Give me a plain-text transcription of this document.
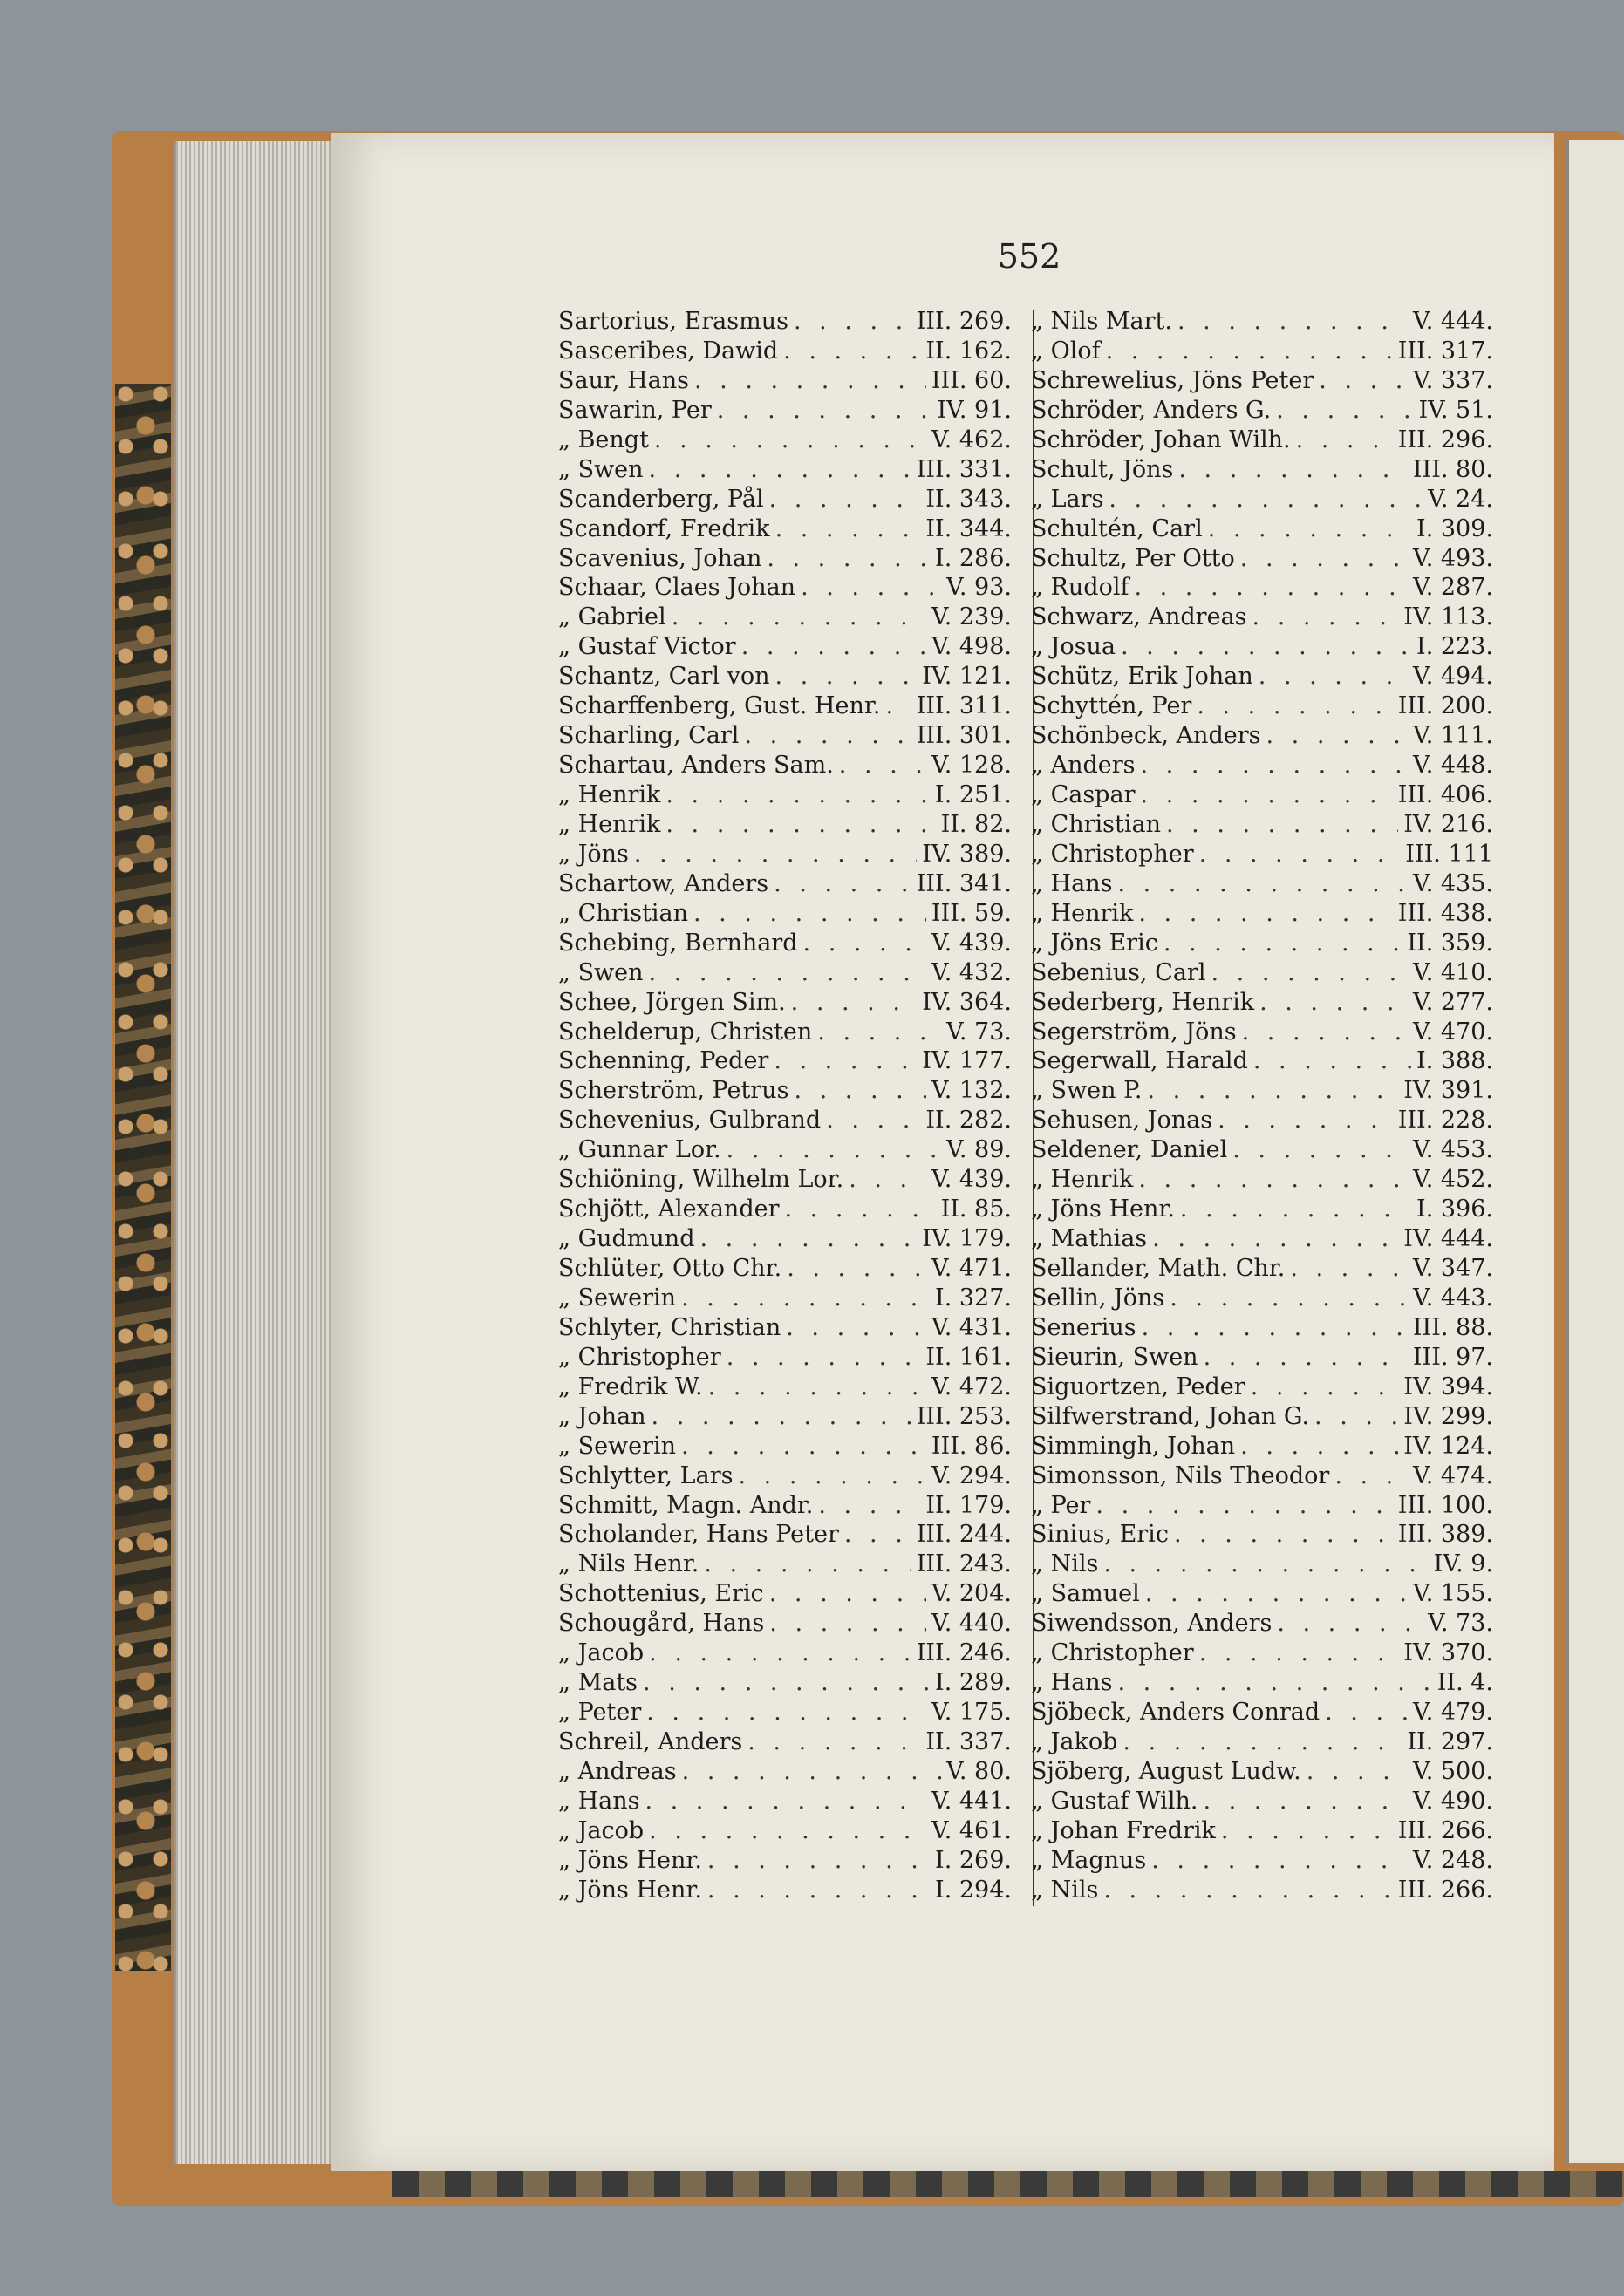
552
Sartorius, Erasmus . . .	III. 269.
Sasceribes, Dawid . . .	II. 162.
Saur, Hans . . .	III. 60.
Sawarin, Per . . .	IV. 91.
„ Bengt . . .	V. 462.
„ Swen . . .	III. 331.
Scanderberg, Pål . . .	II. 343.
Scandorf, Fredrik . . .	II. 344.
Scavenius, Johan . . .	I. 286.
Schaar, Claes Johan . . .	V. 93.
„ Gabriel . . .	V. 239.
„ Gustaf Victor . . .	V. 498.
Schantz, Carl von . . .	IV. 121.
Scharffenberg, Gust. Henr. . . . III. 311.
Scharling, Carl . . .	III. 301.
Schartau, Anders Sam. . . .	V. 128.
„ Henrik . . .	I. 251.
„ Henrik . . .	II. 82.
„ Jöns . . .	IV. 389.
Schartow, Anders . . .	III. 341.
„ Christian . . .	III. 59.
Schebing, Bernhard . . .	V. 439.
„ Swen . . .	V. 432.
Schee, Jörgen Sim. . . .	IV. 364.
Schelderup, Christen . . .	V. 73.
Schenning, Peder . . .	IV. 177.
Scherström, Petrus . . .	V. 132.
Schevenius, Gulbrand . . .	II. 282.
„ Gunnar Lor. . . .	V. 89.
Schiöning, Wilhelm Lor. . . .	V. 439.
Schjött, Alexander . . .	II. 85.
„ Gudmund . . .	IV. 179.
Schlüter, Otto Chr. . . .	V. 471.
„ Sewerin . . .	I. 327.
Schlyter, Christian . . .	V. 431.
„ Christopher . . .	II. 161.
„ Fredrik W. . . .	V. 472.
„ Johan . . .	III. 253.
„ Sewerin . . .	III. 86.
Schlytter, Lars . . .	V. 294.
Schmitt, Magn. Andr. . . .	II. 179.
Scholander, Hans Peter . . .	III. 244.
„ Nils Henr. . . .	III. 243.
Schottenius, Eric . . .	V. 204.
Schougård, Hans . . .	V. 440.
„ Jacob . . .	III. 246.
„ Mats . . .	I. 289.
„ Peter . . .	V. 175.
Schreil, Anders . . .	II. 337.
„ Andreas . . .	V. 80.
„ Hans . . .	V. 441.
„ Jacob . . .	V. 461.
„ Jöns Henr. . . .	I. 269.
„ Jöns Henr. . . .	I. 294.
„ Nils Mart. . . .	V. 444.
„ Olof . . .	III. 317.
Schrewelius, Jöns Peter . . .	V. 337.
Schröder, Anders G. . . .	IV. 51.
Schröder, Johan Wilh. . . .	III. 296.
Schult, Jöns . . .	III. 80.
„ Lars . . .	V. 24.
Schultén, Carl . . .	I. 309.
Schultz, Per Otto . . .	V. 493.
„ Rudolf . . .	V. 287.
Schwarz, Andreas . . .	IV. 113.
„ Josua . . .	I. 223.
Schütz, Erik Johan . . .	V. 494.
Schyttén, Per . . .	III. 200.
Schönbeck, Anders . . .	V. 111.
„ Anders . . .	V. 448.
„ Caspar . . .	III. 406.
„ Christian . . .	IV. 216.
„ Christopher . . .	III. 111
„ Hans . . .	V. 435.
„ Henrik . . .	III. 438.
„ Jöns Eric . . .	II. 359.
Sebenius, Carl . . .	V. 410.
Sederberg, Henrik . . .	V. 277.
Segerström, Jöns . . .	V. 470.
Segerwall, Harald . . .	I. 388.
„ Swen P. . . .	IV. 391.
Sehusen, Jonas . . .	III. 228.
Seldener, Daniel . . .	V. 453.
„ Henrik . . .	V. 452.
„ Jöns Henr. . . .	I. 396.
„ Mathias . . .	IV. 444.
Sellander, Math. Chr. . . .	V. 347.
Sellin, Jöns . . .	V. 443.
Senerius . . .	III. 88.
Sieurin, Swen . . .	III. 97.
Siguortzen, Peder . . .	IV. 394.
Silfwerstrand, Johan G. . . .	IV. 299.
Simmingh, Johan . . .	IV. 124.
Simonsson, Nils Theodor . . .	V. 474.
„ Per . . .	III. 100.
Sinius, Eric . . .	III. 389.
„ Nils . . .	IV. 9.
„ Samuel . . .	V. 155.
Siwendsson, Anders . . .	V. 73.
„ Christopher . . .	IV. 370.
„ Hans . . .	II. 4.
Sjöbeck, Anders Conrad . . .	V. 479.
„ Jakob . . .	II. 297.
Sjöberg, August Ludw. . . .	V. 500.
„ Gustaf Wilh. . . .	V. 490.
„ Johan Fredrik . . .	III. 266.
„ Magnus . . .	V. 248.
„ Nils . . .	III. 266.
